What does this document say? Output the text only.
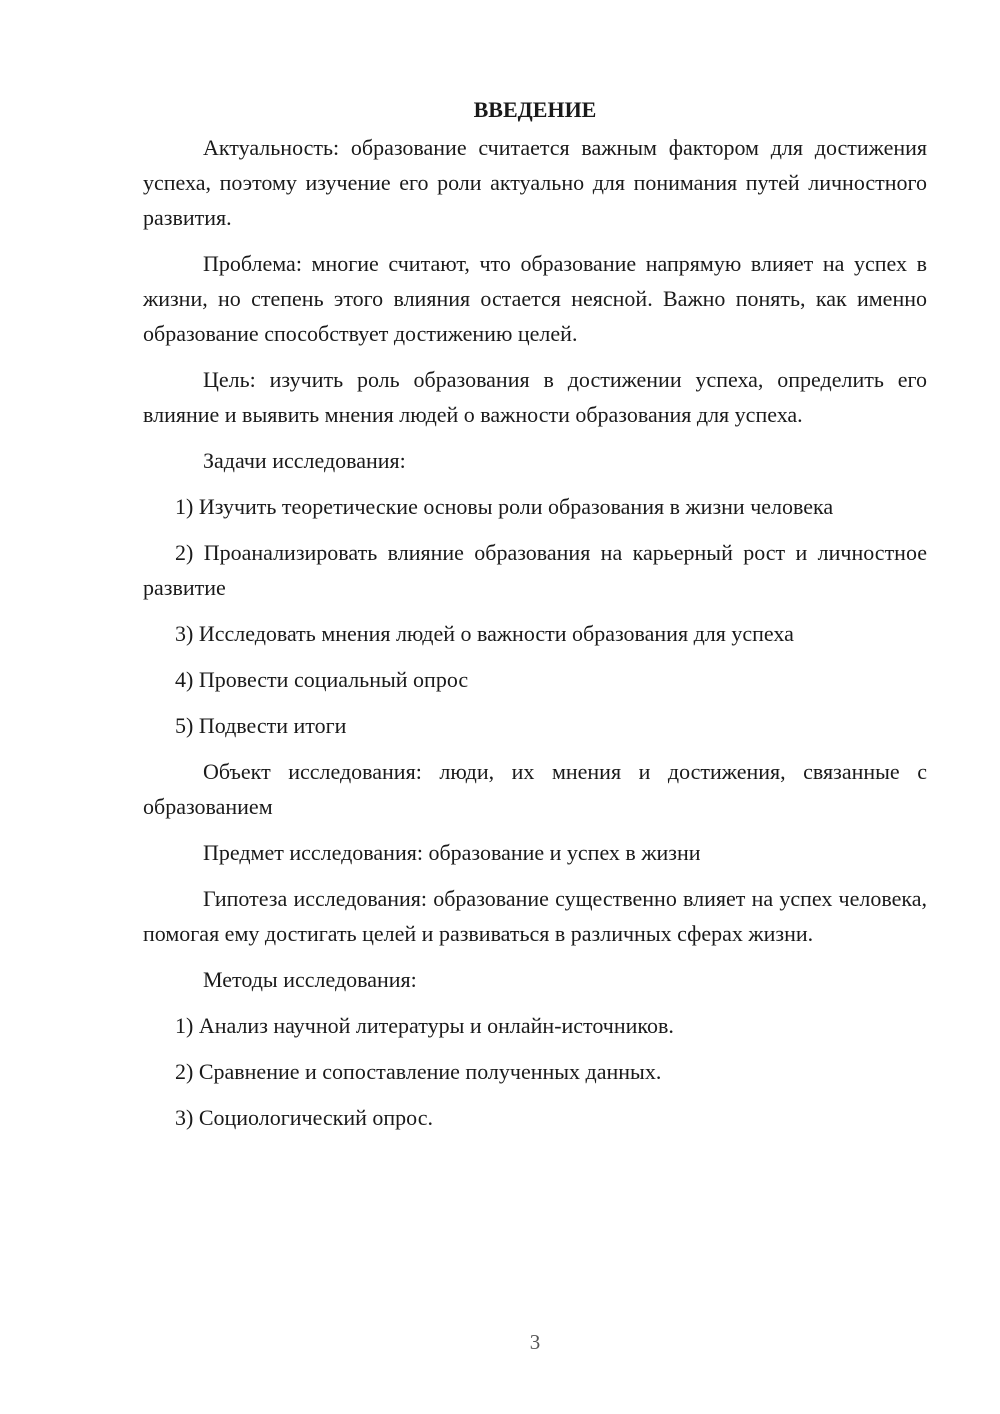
ВВЕДЕНИЕ

Актуальность: образование считается важным фактором для достижения успеха, поэтому изучение его роли актуально для понимания путей личностного развития.

Проблема: многие считают, что образование напрямую влияет на успех в жизни, но степень этого влияния остается неясной. Важно понять, как именно образование способствует достижению целей.

Цель: изучить роль образования в достижении успеха, определить его влияние и выявить мнения людей о важности образования для успеха.

Задачи исследования:

1) Изучить теоретические основы роли образования в жизни человека

2) Проанализировать влияние образования на карьерный рост и личностное развитие

3) Исследовать мнения людей о важности образования для успеха

4) Провести социальный опрос

5) Подвести итоги

Объект исследования: люди, их мнения и достижения, связанные с образованием

Предмет исследования: образование и успех в жизни

Гипотеза исследования: образование существенно влияет на успех человека, помогая ему достигать целей и развиваться в различных сферах жизни.

Методы исследования:

1) Анализ научной литературы и онлайн-источников.

2) Сравнение и сопоставление полученных данных.

3) Социологический опрос.

3
